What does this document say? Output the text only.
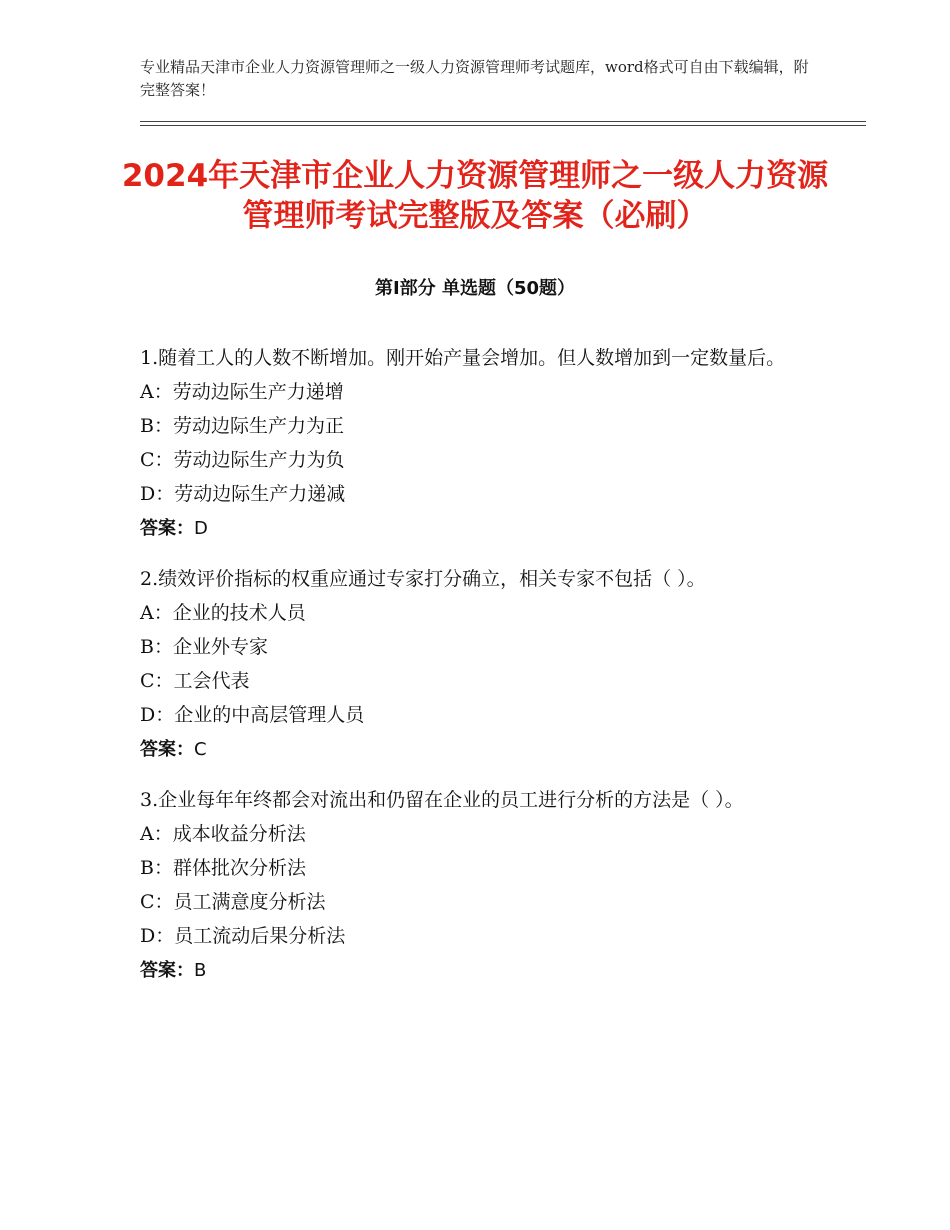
专业精品天津市企业人力资源管理师之一级人力资源管理师考试题库，word格式可自由下载编辑，附完整答案！
2024年天津市企业人力资源管理师之一级人力资源管理师考试完整版及答案（必刷）
第Ⅰ部分 单选题（50题）

1.随着工人的人数不断增加。刚开始产量会增加。但人数增加到一定数量后。

A：劳动边际生产力递增

B：劳动边际生产力为正

C：劳动边际生产力为负

D：劳动边际生产力递减

答案：D

2.绩效评价指标的权重应通过专家打分确立，相关专家不包括（ ）。

A：企业的技术人员

B：企业外专家

C：工会代表

D：企业的中高层管理人员

答案：C

3.企业每年年终都会对流出和仍留在企业的员工进行分析的方法是（ ）。

A：成本收益分析法

B：群体批次分析法

C：员工满意度分析法

D：员工流动后果分析法

答案：B
